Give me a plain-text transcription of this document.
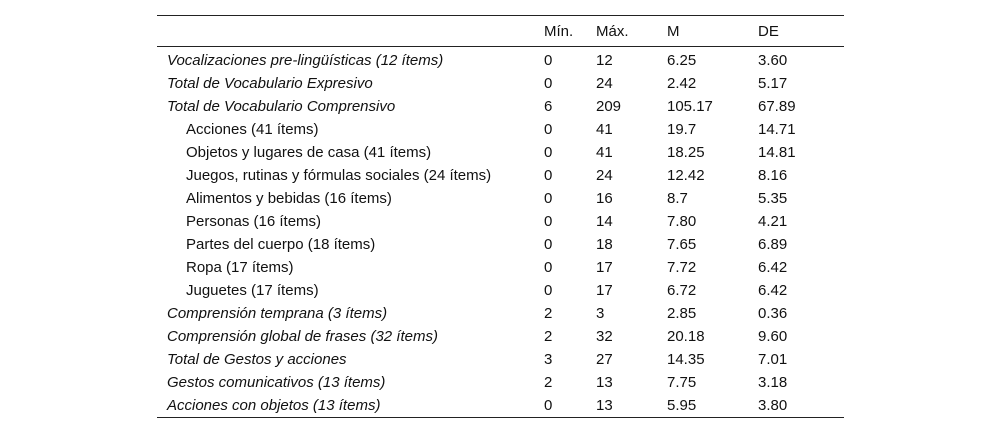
	Mín.	Máx.	M	DE
Vocalizaciones pre-lingüísticas (12 ítems)	0	12	6.25	3.60
Total de Vocabulario Expresivo	0	24	2.42	5.17
Total de Vocabulario Comprensivo	6	209	105.17	67.89
Acciones (41 ítems)	0	41	19.7	14.71
Objetos y lugares de casa (41 ítems)	0	41	18.25	14.81
Juegos, rutinas y fórmulas sociales (24 ítems)	0	24	12.42	8.16
Alimentos y bebidas (16 ítems)	0	16	8.7	5.35
Personas (16 ítems)	0	14	7.80	4.21
Partes del cuerpo (18 ítems)	0	18	7.65	6.89
Ropa (17 ítems)	0	17	7.72	6.42
Juguetes (17 ítems)	0	17	6.72	6.42
Comprensión temprana (3 ítems)	2	3	2.85	0.36
Comprensión global de frases (32 ítems)	2	32	20.18	9.60
Total de Gestos y acciones	3	27	14.35	7.01
Gestos comunicativos (13 ítems)	2	13	7.75	3.18
Acciones con objetos (13 ítems)	0	13	5.95	3.80
